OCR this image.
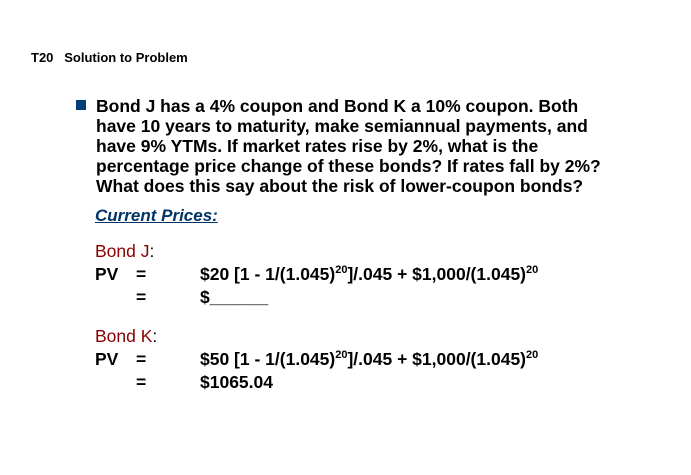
T20 Solution to Problem
Bond J has a 4% coupon and Bond K a 10% coupon. Both
have 10 years to maturity, make semiannual payments, and
have 9% YTMs. If market rates rise by 2%, what is the
percentage price change of these bonds? If rates fall by 2%?
What does this say about the risk of lower-coupon bonds?
Current Prices:
Bond J:
PV =	$20 $[1 - 1/(1.045)^{20}]/.045$ + $\$1,000/(1.045)^{20}$
=	$______
Bond K:
PV =	$50 $[1 - 1/(1.045)^{20}]/.045$ + $\$1,000/(1.045)^{20}$
=	$1065.04
